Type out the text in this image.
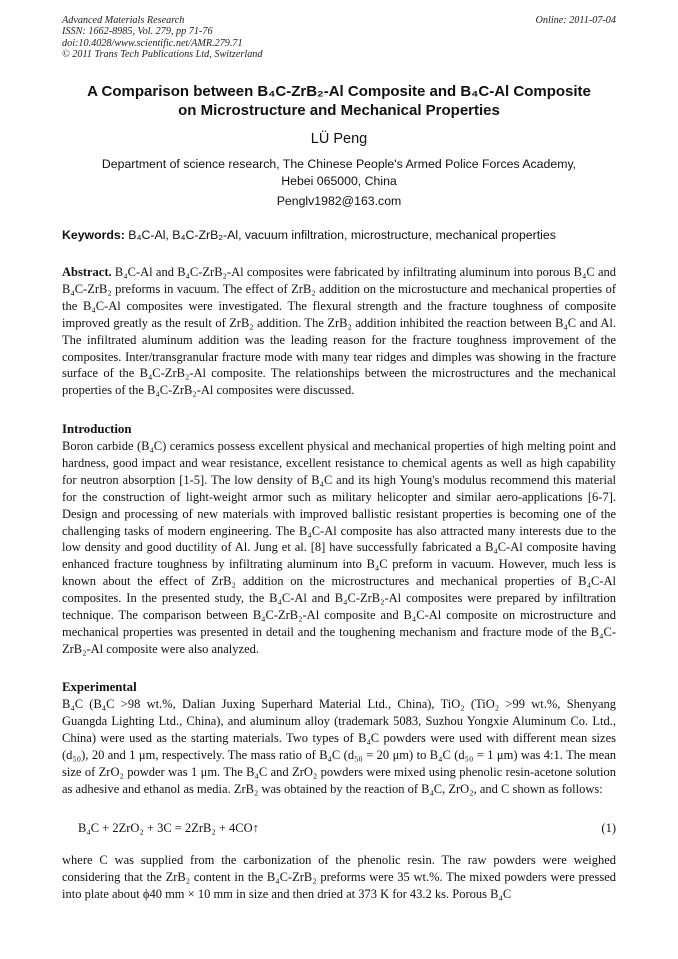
Advanced Materials Research
ISSN: 1662-8985, Vol. 279, pp 71-76
doi:10.4028/www.scientific.net/AMR.279.71
© 2011 Trans Tech Publications Ltd, Switzerland
Online: 2011-07-04
A Comparison between B₄C-ZrB₂-Al Composite and B₄C-Al Composite
on Microstructure and Mechanical Properties
LÜ Peng
Department of science research, The Chinese People's Armed Police Forces Academy,
Hebei 065000, China
Penglv1982@163.com
Keywords: B₄C-Al, B₄C-ZrB₂-Al, vacuum infiltration, microstructure, mechanical properties
Abstract. B₄C-Al and B₄C-ZrB₂-Al composites were fabricated by infiltrating aluminum into porous B₄C and B₄C-ZrB₂ preforms in vacuum. The effect of ZrB₂ addition on the microstucture and mechanical properties of the B₄C-Al composites were investigated. The flexural strength and the fracture toughness of composite improved greatly as the result of ZrB₂ addition. The ZrB₂ addition inhibited the reaction between B₄C and Al. The infiltrated aluminum addition was the leading reason for the fracture toughness improvement of the composites. Inter/transgranular fracture mode with many tear ridges and dimples was showing in the fracture surface of the B₄C-ZrB₂-Al composite. The relationships between the microstructures and the mechanical properties of the B₄C-ZrB₂-Al composites were discussed.
Introduction
Boron carbide (B₄C) ceramics possess excellent physical and mechanical properties of high melting point and hardness, good impact and wear resistance, excellent resistance to chemical agents as well as high capability for neutron absorption [1-5]. The low density of B₄C and its high Young's modulus recommend this material for the construction of light-weight armor such as military helicopter and similar aero-applications [6-7]. Design and processing of new materials with improved ballistic resistant properties is becoming one of the challenging tasks of modern engineering. The B₄C-Al composite has also attracted many interests due to the low density and good ductility of Al. Jung et al. [8] have successfully fabricated a B₄C-Al composite having enhanced fracture toughness by infiltrating aluminum into B₄C preform in vacuum. However, much less is known about the effect of ZrB₂ addition on the microstructures and mechanical properties of B₄C-Al composites. In the presented study, the B₄C-Al and B₄C-ZrB₂-Al composites were prepared by infiltration technique. The comparison between B₄C-ZrB₂-Al composite and B₄C-Al composite on microstructure and mechanical properties was presented in detail and the toughening mechanism and fracture mode of the B₄C-ZrB₂-Al composite were also analyzed.
Experimental
B₄C (B₄C >98 wt.%, Dalian Juxing Superhard Material Ltd., China), TiO₂ (TiO₂ >99 wt.%, Shenyang Guangda Lighting Ltd., China), and aluminum alloy (trademark 5083, Suzhou Yongxie Aluminum Co. Ltd., China) were used as the starting materials. Two types of B₄C powders were used with different mean sizes (d₅₀), 20 and 1 μm, respectively. The mass ratio of B₄C (d₅₀ = 20 μm) to B₄C (d₅₀ = 1 μm) was 4:1. The mean size of ZrO₂ powder was 1 μm. The B₄C and ZrO₂ powders were mixed using phenolic resin-acetone solution as adhesive and ethanol as media. ZrB₂ was obtained by the reaction of B₄C, ZrO₂, and C shown as follows:
B₄C + 2ZrO₂ + 3C = 2ZrB₂ + 4CO↑	(1)
where C was supplied from the carbonization of the phenolic resin. The raw powders were weighed considering that the ZrB₂ content in the B₄C-ZrB₂ preforms were 35 wt.%. The mixed powders were pressed into plate about ϕ40 mm × 10 mm in size and then dried at 373 K for 43.2 ks. Porous B₄C
